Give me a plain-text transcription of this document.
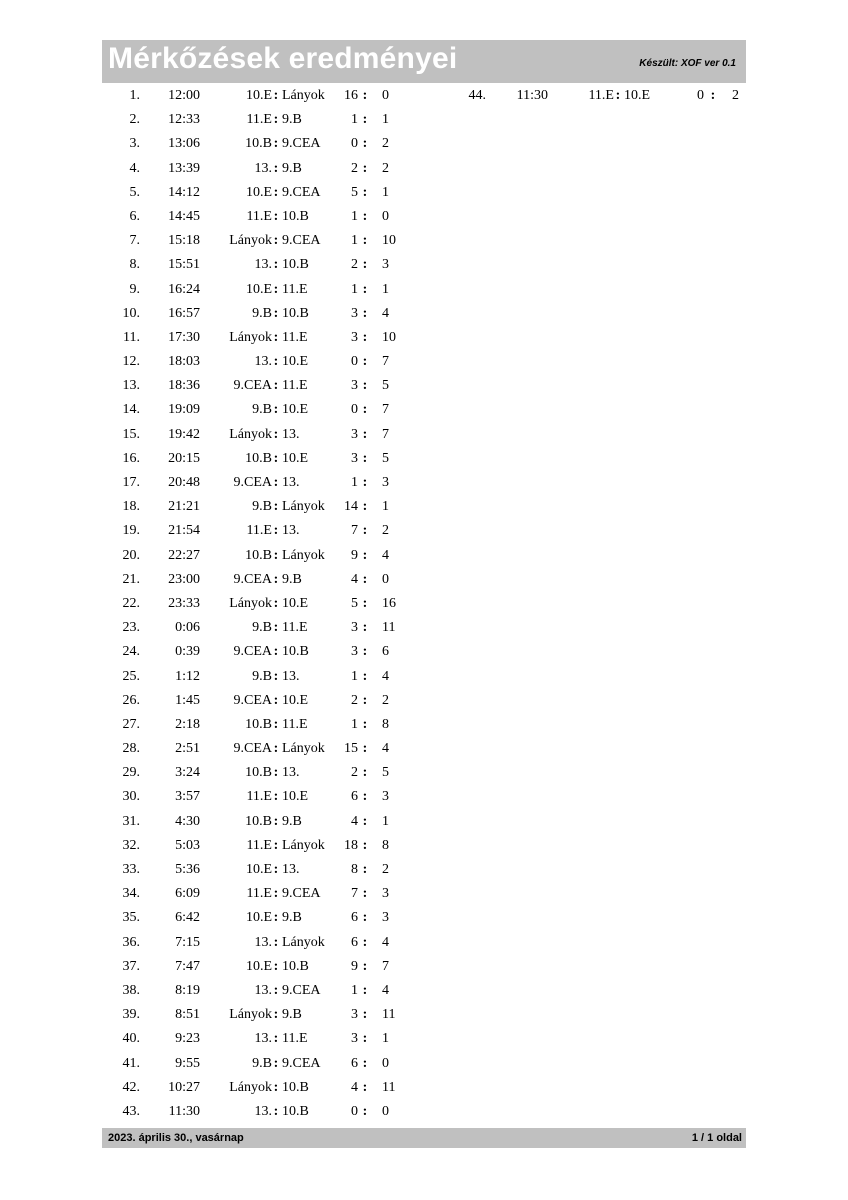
Mérkőzések eredményei	Készült: XOF ver 0.1
1.	12:00	10.E : Lányok	16 : 0
2.	12:33	11.E : 9.B	1 : 1
3.	13:06	10.B : 9.CEA	0 : 2
4.	13:39	13. : 9.B	2 : 2
5.	14:12	10.E : 9.CEA	5 : 1
6.	14:45	11.E : 10.B	1 : 0
7.	15:18	Lányok : 9.CEA	1 : 10
8.	15:51	13. : 10.B	2 : 3
9.	16:24	10.E : 11.E	1 : 1
10.	16:57	9.B : 10.B	3 : 4
11.	17:30	Lányok : 11.E	3 : 10
12.	18:03	13. : 10.E	0 : 7
13.	18:36	9.CEA : 11.E	3 : 5
14.	19:09	9.B : 10.E	0 : 7
15.	19:42	Lányok : 13.	3 : 7
16.	20:15	10.B : 10.E	3 : 5
17.	20:48	9.CEA : 13.	1 : 3
18.	21:21	9.B : Lányok	14 : 1
19.	21:54	11.E : 13.	7 : 2
20.	22:27	10.B : Lányok	9 : 4
21.	23:00	9.CEA : 9.B	4 : 0
22.	23:33	Lányok : 10.E	5 : 16
23.	0:06	9.B : 11.E	3 : 11
24.	0:39	9.CEA : 10.B	3 : 6
25.	1:12	9.B : 13.	1 : 4
26.	1:45	9.CEA : 10.E	2 : 2
27.	2:18	10.B : 11.E	1 : 8
28.	2:51	9.CEA : Lányok	15 : 4
29.	3:24	10.B : 13.	2 : 5
30.	3:57	11.E : 10.E	6 : 3
31.	4:30	10.B : 9.B	4 : 1
32.	5:03	11.E : Lányok	18 : 8
33.	5:36	10.E : 13.	8 : 2
34.	6:09	11.E : 9.CEA	7 : 3
35.	6:42	10.E : 9.B	6 : 3
36.	7:15	13. : Lányok	6 : 4
37.	7:47	10.E : 10.B	9 : 7
38.	8:19	13. : 9.CEA	1 : 4
39.	8:51	Lányok : 9.B	3 : 11
40.	9:23	13. : 11.E	3 : 1
41.	9:55	9.B : 9.CEA	6 : 0
42.	10:27	Lányok : 10.B	4 : 11
43.	11:30	13. : 10.B	0 : 0
44.	11:30	11.E : 10.E	0 : 2
2023. április 30., vasárnap	1 / 1 oldal
